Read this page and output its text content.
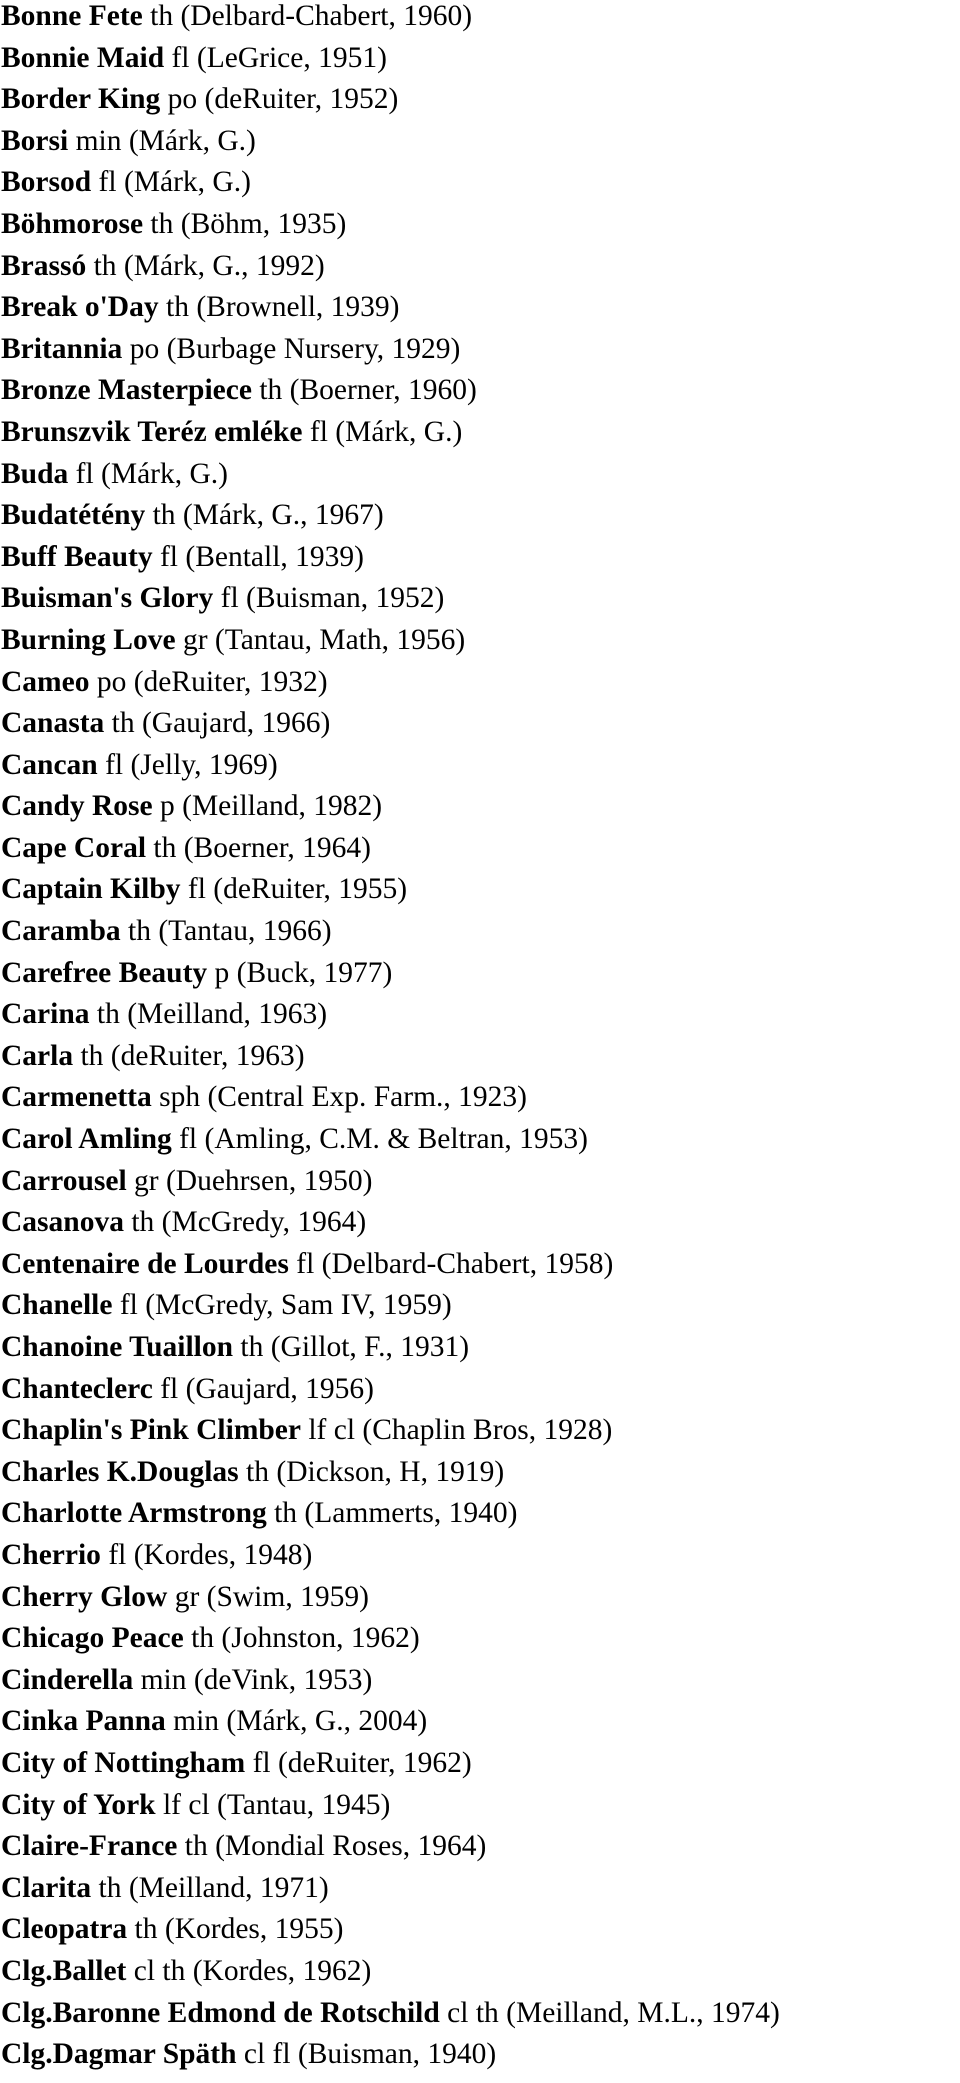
Bonne Fete th (Delbard-Chabert, 1960)
Bonnie Maid fl (LeGrice, 1951)
Border King po (deRuiter, 1952)
Borsi min (Márk, G.)
Borsod fl (Márk, G.)
Böhmorose th (Böhm, 1935)
Brassó th (Márk, G., 1992)
Break o'Day th (Brownell, 1939)
Britannia po (Burbage Nursery, 1929)
Bronze Masterpiece th (Boerner, 1960)
Brunszvik Teréz emléke fl (Márk, G.)
Buda fl (Márk, G.)
Budatétény th (Márk, G., 1967)
Buff Beauty fl (Bentall, 1939)
Buisman's Glory fl (Buisman, 1952)
Burning Love gr (Tantau, Math, 1956)
Cameo po (deRuiter, 1932)
Canasta th (Gaujard, 1966)
Cancan fl (Jelly, 1969)
Candy Rose p (Meilland, 1982)
Cape Coral th (Boerner, 1964)
Captain Kilby fl (deRuiter, 1955)
Caramba th (Tantau, 1966)
Carefree Beauty p (Buck, 1977)
Carina th (Meilland, 1963)
Carla th (deRuiter, 1963)
Carmenetta sph (Central Exp. Farm., 1923)
Carol Amling fl (Amling, C.M. & Beltran, 1953)
Carrousel gr (Duehrsen, 1950)
Casanova th (McGredy, 1964)
Centenaire de Lourdes fl (Delbard-Chabert, 1958)
Chanelle fl (McGredy, Sam IV, 1959)
Chanoine Tuaillon th (Gillot, F., 1931)
Chanteclerc fl (Gaujard, 1956)
Chaplin's Pink Climber lf cl (Chaplin Bros, 1928)
Charles K.Douglas th (Dickson, H, 1919)
Charlotte Armstrong th (Lammerts, 1940)
Cherrio fl (Kordes, 1948)
Cherry Glow gr (Swim, 1959)
Chicago Peace th (Johnston, 1962)
Cinderella min (deVink, 1953)
Cinka Panna min (Márk, G., 2004)
City of Nottingham fl (deRuiter, 1962)
City of York lf cl (Tantau, 1945)
Claire-France th (Mondial Roses, 1964)
Clarita th (Meilland, 1971)
Cleopatra th (Kordes, 1955)
Clg.Ballet cl th (Kordes, 1962)
Clg.Baronne Edmond de Rotschild cl th (Meilland, M.L., 1974)
Clg.Dagmar Späth cl fl (Buisman, 1940)
